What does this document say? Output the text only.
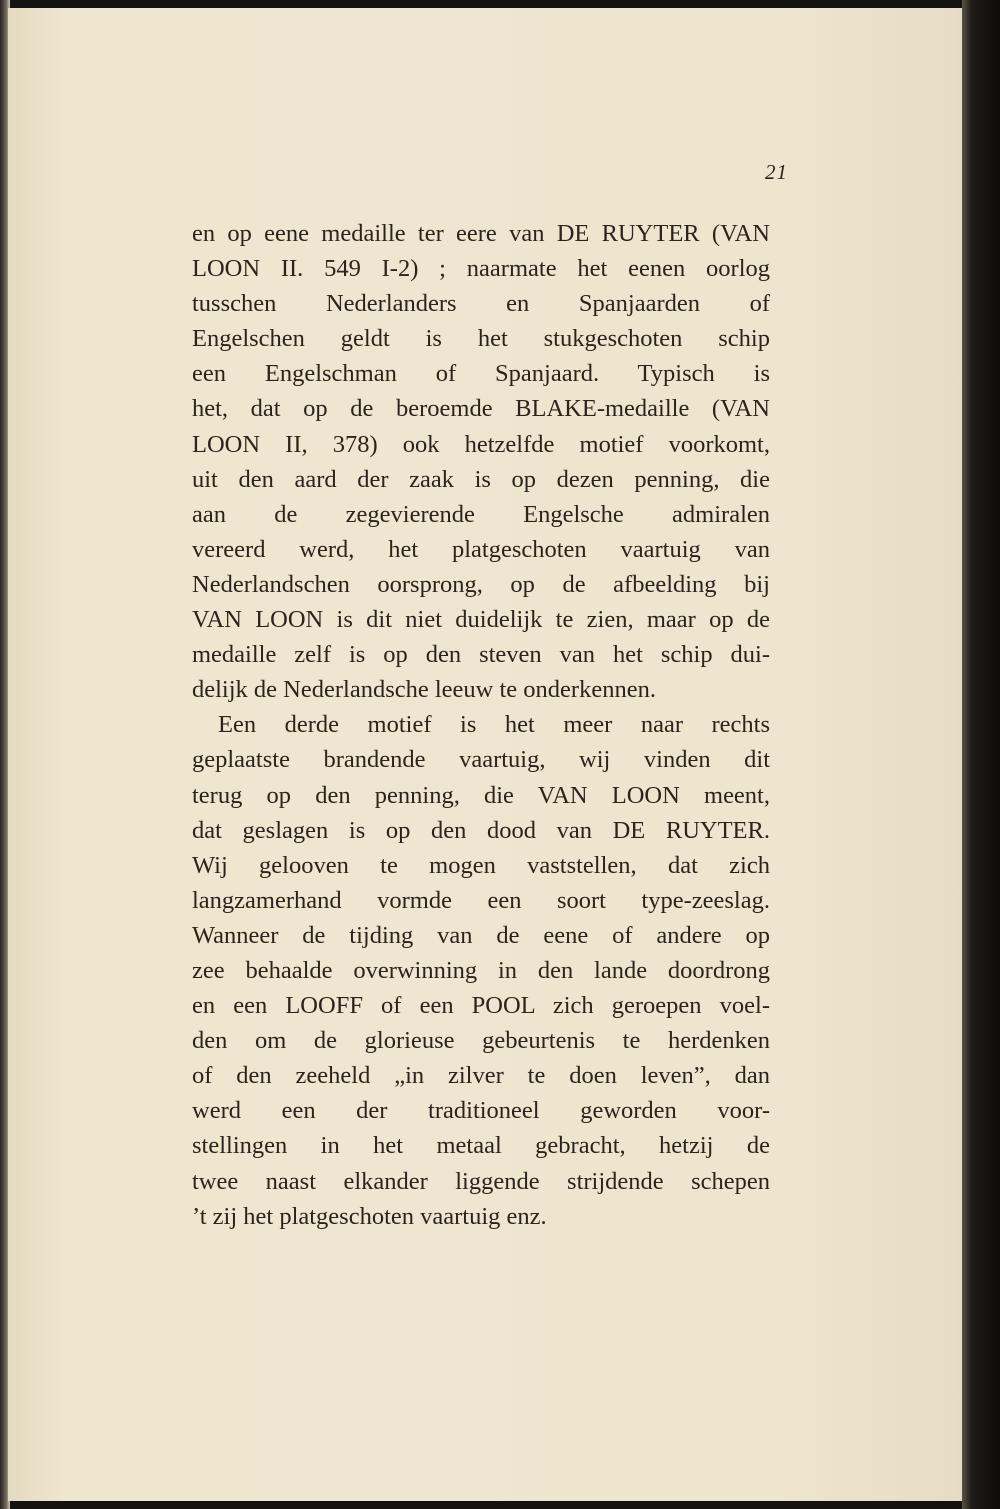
21
en op eene medaille ter eere van DE RUYTER (VAN
LOON II. 549 I-2) ; naarmate het eenen oorlog
tusschen Nederlanders en Spanjaarden of
Engelschen geldt is het stukgeschoten schip
een Engelschman of Spanjaard. Typisch is
het, dat op de beroemde BLAKE-medaille (VAN
LOON II, 378) ook hetzelfde motief voorkomt,
uit den aard der zaak is op dezen penning, die
aan de zegevierende Engelsche admiralen
vereerd werd, het platgeschoten vaartuig van
Nederlandschen oorsprong, op de afbeelding bij
VAN LOON is dit niet duidelijk te zien, maar op de
medaille zelf is op den steven van het schip dui-
delijk de Nederlandsche leeuw te onderkennen.
Een derde motief is het meer naar rechts
geplaatste brandende vaartuig, wij vinden dit
terug op den penning, die VAN LOON meent,
dat geslagen is op den dood van DE RUYTER.
Wij gelooven te mogen vaststellen, dat zich
langzamerhand vormde een soort type-zeeslag.
Wanneer de tijding van de eene of andere op
zee behaalde overwinning in den lande doordrong
en een LOOFF of een POOL zich geroepen voel-
den om de glorieuse gebeurtenis te herdenken
of den zeeheld „in zilver te doen leven”, dan
werd een der traditioneel geworden voor-
stellingen in het metaal gebracht, hetzij de
twee naast elkander liggende strijdende schepen
’t zij het platgeschoten vaartuig enz.
